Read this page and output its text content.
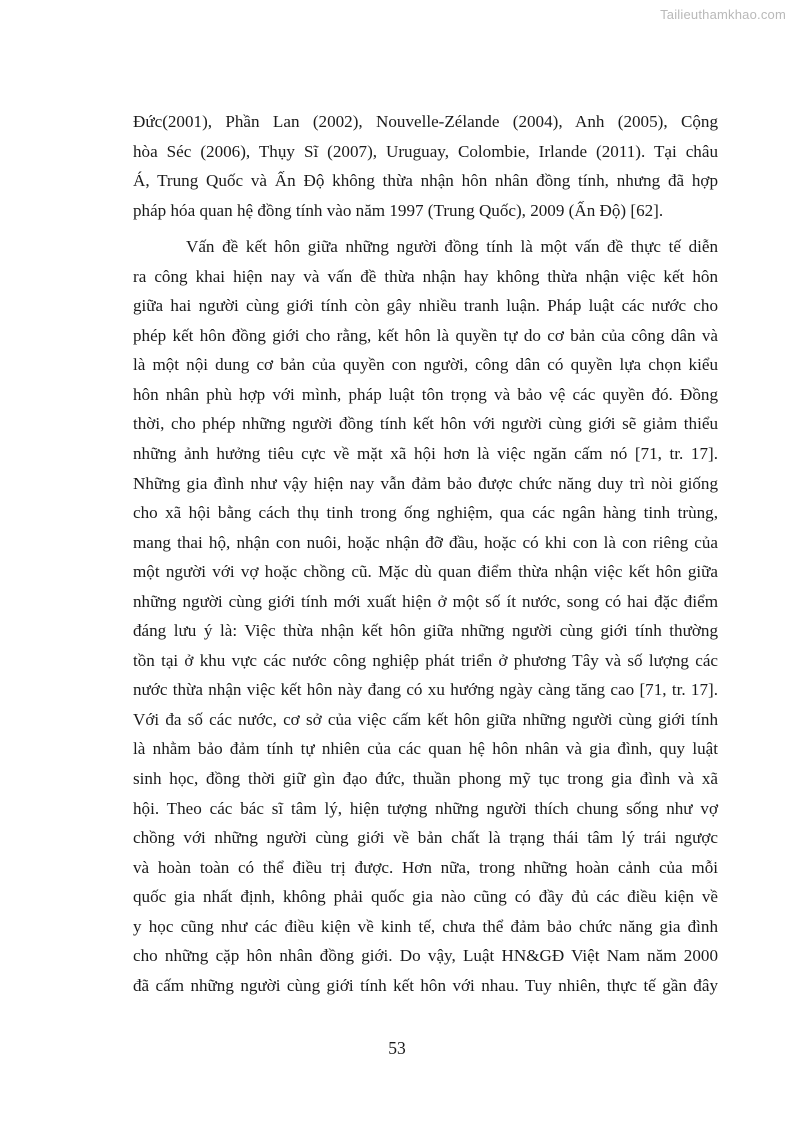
Tailieuthamkhao.com
Đức(2001), Phần Lan (2002), Nouvelle-Zélande (2004), Anh (2005), Cộng
hòa Séc (2006), Thụy Sĩ (2007), Uruguay, Colombie, Irlande (2011). Tại châu
Á, Trung Quốc và Ấn Độ không thừa nhận hôn nhân đồng tính, nhưng đã hợp
pháp hóa quan hệ đồng tính vào năm 1997 (Trung Quốc), 2009 (Ấn Độ) [62].
Vấn đề kết hôn giữa những người đồng tính là một vấn đề thực tế diễn
ra công khai hiện nay và vấn đề thừa nhận hay không thừa nhận việc kết hôn
giữa hai người cùng giới tính còn gây nhiều tranh luận. Pháp luật các nước cho
phép kết hôn đồng giới cho rằng, kết hôn là quyền tự do cơ bản của công dân và
là một nội dung cơ bản của quyền con người, công dân có quyền lựa chọn kiểu
hôn nhân phù hợp với mình, pháp luật tôn trọng và bảo vệ các quyền đó. Đồng
thời, cho phép những người đồng tính kết hôn với người cùng giới sẽ giảm thiểu
những ảnh hưởng tiêu cực về mặt xã hội hơn là việc ngăn cấm nó [71, tr. 17].
Những gia đình như vậy hiện nay vẫn đảm bảo được chức năng duy trì nòi giống
cho xã hội bằng cách thụ tinh trong ống nghiệm, qua các ngân hàng tinh trùng,
mang thai hộ, nhận con nuôi, hoặc nhận đỡ đầu, hoặc có khi con là con riêng của
một người với vợ hoặc chồng cũ. Mặc dù quan điểm thừa nhận việc kết hôn giữa
những người cùng giới tính mới xuất hiện ở một số ít nước, song có hai đặc điểm
đáng lưu ý là: Việc thừa nhận kết hôn giữa những người cùng giới tính thường
tồn tại ở khu vực các nước công nghiệp phát triển ở phương Tây và số lượng các
nước thừa nhận việc kết hôn này đang có xu hướng ngày càng tăng cao [71, tr. 17].
Với đa số các nước, cơ sở của việc cấm kết hôn giữa những người cùng giới tính
là nhằm bảo đảm tính tự nhiên của các quan hệ hôn nhân và gia đình, quy luật
sinh học, đồng thời giữ gìn đạo đức, thuần phong mỹ tục trong gia đình và xã
hội. Theo các bác sĩ tâm lý, hiện tượng những người thích chung sống như vợ
chồng với những người cùng giới về bản chất là trạng thái tâm lý trái ngược
và hoàn toàn có thể điều trị được. Hơn nữa, trong những hoàn cảnh của mỗi
quốc gia nhất định, không phải quốc gia nào cũng có đầy đủ các điều kiện về
y học cũng như các điều kiện về kinh tế, chưa thể đảm bảo chức năng gia đình
cho những cặp hôn nhân đồng giới. Do vậy, Luật HN&GĐ Việt Nam năm 2000
đã cấm những người cùng giới tính kết hôn với nhau. Tuy nhiên, thực tế gần đây
53
